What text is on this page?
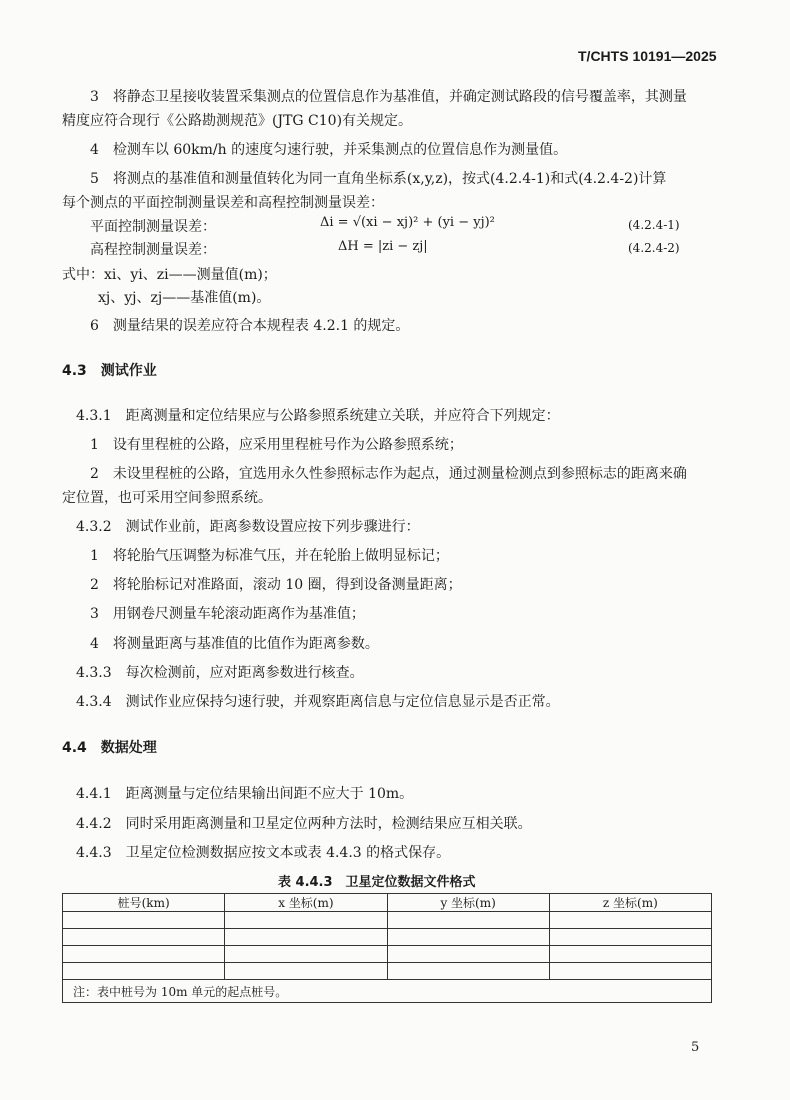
T/CHTS 10191—2025
3　将静态卫星接收装置采集测点的位置信息作为基准值，并确定测试路段的信号覆盖率，其测量
精度应符合现行《公路勘测规范》(JTG C10)有关规定。
4　检测车以 60km/h 的速度匀速行驶，并采集测点的位置信息作为测量值。
5　将测点的基准值和测量值转化为同一直角坐标系(x,y,z)，按式(4.2.4-1)和式(4.2.4-2)计算
每个测点的平面控制测量误差和高程控制测量误差：
平面控制测量误差：	Δi = √(xi − xj)² + (yi − yj)²	(4.2.4-1)
高程控制测量误差：	ΔH = |zi − zj|	(4.2.4-2)
式中：xi、yi、zi——测量值(m)；
xj、yj、zj——基准值(m)。
6　测量结果的误差应符合本规程表 4.2.1 的规定。
4.3　测试作业
4.3.1　距离测量和定位结果应与公路参照系统建立关联，并应符合下列规定：
1　设有里程桩的公路，应采用里程桩号作为公路参照系统；
2　未设里程桩的公路，宜选用永久性参照标志作为起点，通过测量检测点到参照标志的距离来确
定位置，也可采用空间参照系统。
4.3.2　测试作业前，距离参数设置应按下列步骤进行：
1　将轮胎气压调整为标准气压，并在轮胎上做明显标记；
2　将轮胎标记对准路面，滚动 10 圈，得到设备测量距离；
3　用钢卷尺测量车轮滚动距离作为基准值；
4　将测量距离与基准值的比值作为距离参数。
4.3.3　每次检测前，应对距离参数进行核查。
4.3.4　测试作业应保持匀速行驶，并观察距离信息与定位信息显示是否正常。
4.4　数据处理
4.4.1　距离测量与定位结果输出间距不应大于 10m。
4.4.2　同时采用距离测量和卫星定位两种方法时，检测结果应互相关联。
4.4.3　卫星定位检测数据应按文本或表 4.4.3 的格式保存。
表 4.4.3　卫星定位数据文件格式
桩号(km)	x 坐标(m)	y 坐标(m)	z 坐标(m)

注：表中桩号为 10m 单元的起点桩号。			
5
